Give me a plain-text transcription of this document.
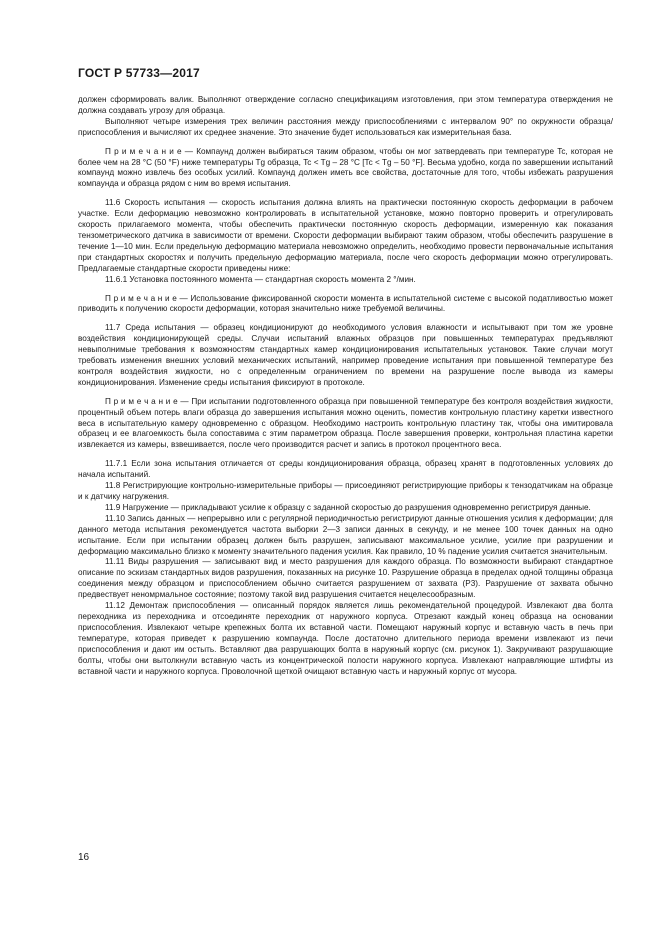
ГОСТ Р 57733—2017

должен сформировать валик. Выполняют отверждение согласно спецификациям изготовления, при этом температура отверждения не должна создавать угрозу для образца.

Выполняют четыре измерения трех величин расстояния между приспособлениями с интервалом 90° по окружности образца/приспособления и вычисляют их среднее значение. Это значение будет использоваться как измерительная база.

П р и м е ч а н и е — Компаунд должен выбираться таким образом, чтобы он мог затвердевать при температуре Tc, которая не более чем на 28 °С (50 °F) ниже температуры Tg образца, Tc < Tg – 28 °С [Tc < Tg – 50 °F]. Весьма удобно, когда по завершении испытаний компаунд можно извлечь без особых усилий. Компаунд должен иметь все свойства, достаточные для того, чтобы избежать разрушения компаунда и образца рядом с ним во время испытания.

11.6 Скорость испытания — скорость испытания должна влиять на практически постоянную скорость деформации в рабочем участке. Если деформацию невозможно контролировать в испытательной установке, можно повторно проверить и отрегулировать скорость прилагаемого момента, чтобы обеспечить практически постоянную скорость деформации, измеренную как показания тензометрического датчика в зависимости от времени. Скорости деформации выбирают таким образом, чтобы обеспечить разрушение в течение 1—10 мин. Если предельную деформацию материала невозможно определить, необходимо провести первоначальные испытания при стандартных скоростях и получить предельную деформацию материала, после чего скорость деформации можно отрегулировать. Предлагаемые стандартные скорости приведены ниже:

11.6.1 Установка постоянного момента — стандартная скорость момента 2 °/мин.

П р и м е ч а н и е — Использование фиксированной скорости момента в испытательной системе с высокой податливостью может приводить к получению скорости деформации, которая значительно ниже требуемой величины.

11.7 Среда испытания — образец кондиционируют до необходимого условия влажности и испытывают при том же уровне воздействия кондиционирующей среды. Случаи испытаний влажных образцов при повышенных температурах предъявляют невыполнимые требования к возможностям стандартных камер кондиционирования испытательных установок. Такие случаи могут требовать изменения внешних условий механических испытаний, например проведение испытания при повышенной температуре без контроля воздействия жидкости, но с определенным ограничением по времени на разрушение после вывода из камеры кондиционирования. Изменение среды испытания фиксируют в протоколе.

П р и м е ч а н и е — При испытании подготовленного образца при повышенной температуре без контроля воздействия жидкости, процентный объем потерь влаги образца до завершения испытания можно оценить, поместив контрольную пластину каретки известного веса в испытательную камеру одновременно с образцом. Необходимо настроить контрольную пластину так, чтобы она имитировала образец и ее влагоемкость была сопоставима с этим параметром образца. После завершения проверки, контрольная пластина каретки извлекается из камеры, взвешивается, после чего производится расчет и запись в протокол процентного веса.

11.7.1 Если зона испытания отличается от среды кондиционирования образца, образец хранят в подготовленных условиях до начала испытаний.

11.8 Регистрирующие контрольно-измерительные приборы — присоединяют регистрирующие приборы к тензодатчикам на образце и к датчику нагружения.

11.9 Нагружение — прикладывают усилие к образцу с заданной скоростью до разрушения одновременно регистрируя данные.

11.10 Запись данных — непрерывно или с регулярной периодичностью регистрируют данные отношения усилия к деформации; для данного метода испытания рекомендуется частота выборки 2—3 записи данных в секунду, и не менее 100 точек данных на одно испытание. Если при испытании образец должен быть разрушен, записывают максимальное усилие, усилие при разрушении и деформацию максимально близко к моменту значительного падения усилия. Как правило, 10 % падение усилия считается значительным.

11.11 Виды разрушения — записывают вид и место разрушения для каждого образца. По возможности выбирают стандартное описание по эскизам стандартных видов разрушения, показанных на рисунке 10. Разрушение образца в пределах одной толщины образца соединения между образцом и приспособлением обычно считается разрушением от захвата (Р3). Разрушение от захвата обычно предвествует неномрмальное состояние; поэтому такой вид разрушения считается нецелесообразным.

11.12 Демонтаж приспособления — описанный порядок является лишь рекомендательной процедурой. Извлекают два болта переходника из переходника и отсоединяте переходник от наружного корпуса. Отрезают каждый конец образца на основании приспособления. Извлекают четыре крепежных болта их вставной части. Помещают наружный корпус и вставную часть в печь при температуре, которая приведет к разрушению компаунда. После достаточно длительного периода времени извлекают из печи приспособления и дают им остыть. Вставляют два разрушающих болта в наружный корпус (см. рисунок 1). Закручивают разрушающие болты, чтобы они вытолкнули вставную часть из концентрической полости наружного корпуса. Извлекают направляющие штифты из вставной части и наружного корпуса. Проволочной щеткой очищают вставную часть и наружный корпус от мусора.

16
